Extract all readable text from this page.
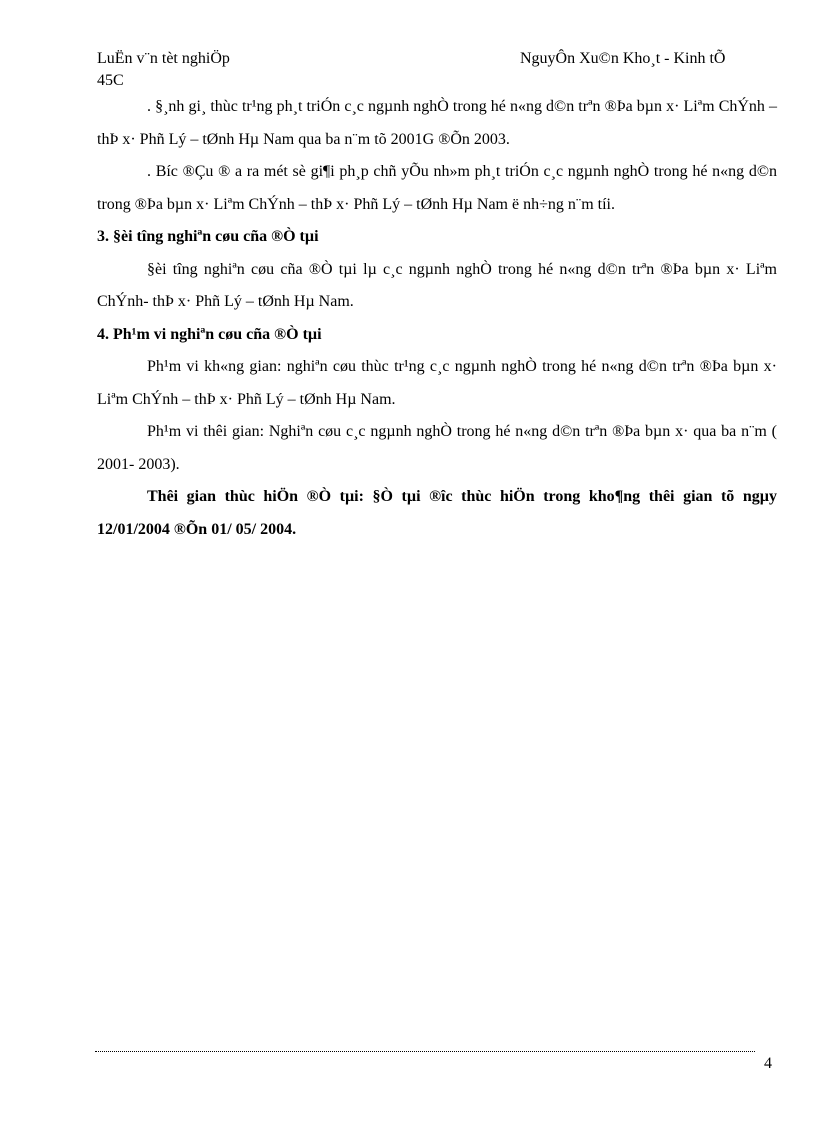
LuËn v¨n tèt nghiÖp	NguyÔn Xu©n Kho¸t - Kinh tÕ
45C

. §¸nh gi¸ thùc tr¹ng ph¸t triÓn c¸c ngµnh nghÒ trong hé n«ng d©n trªn ®Þa bµn x· Liªm ChÝnh – thÞ x· Phñ Lý – tØnh Hµ Nam qua ba n¨m tõ 2001G ®Õn 2003.

. Bíc ®Çu ® a ra mét sè gi¶i ph¸p chñ yÕu nh»m ph¸t triÓn c¸c ngµnh nghÒ trong hé n«ng d©n trong ®Þa bµn x· Liªm ChÝnh – thÞ x· Phñ Lý – tØnh Hµ Nam ë nh÷ng n¨m tíi.

3. §èi tîng nghiªn cøu cña ®Ò tµi

§èi tîng nghiªn cøu cña ®Ò tµi lµ c¸c ngµnh nghÒ trong hé n«ng d©n trªn ®Þa bµn x· Liªm ChÝnh- thÞ x· Phñ Lý – tØnh Hµ Nam.

4. Ph¹m vi nghiªn cøu cña ®Ò tµi

Ph¹m vi kh«ng gian: nghiªn cøu thùc tr¹ng c¸c ngµnh nghÒ trong hé n«ng d©n trªn ®Þa bµn x· Liªm ChÝnh – thÞ x· Phñ Lý – tØnh Hµ Nam.

Ph¹m vi thêi gian: Nghiªn cøu c¸c ngµnh nghÒ trong hé n«ng d©n trªn ®Þa bµn x· qua ba n¨m ( 2001- 2003).

Thêi gian thùc hiÖn ®Ò tµi: §Ò tµi ®îc thùc hiÖn trong kho¶ng thêi gian tõ ngµy 12/01/2004 ®Õn 01/ 05/ 2004.

4
